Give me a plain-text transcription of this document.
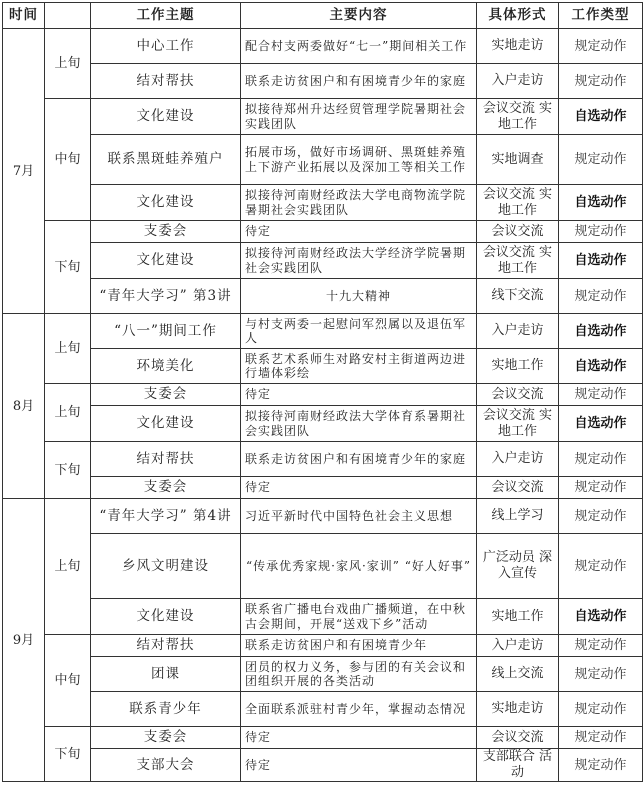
时间		工作主题	主要内容	具体形式	工作类型
7月	上旬	中心工作	配合村支两委做好“七一”期间相关工作	实地走访	规定动作
		结对帮扶	联系走访贫困户和有困境青少年的家庭	入户走访	规定动作
	中旬	文化建设	拟接待郑州升达经贸管理学院暑期社会实践团队	会议交流 实地工作	自选动作
		联系黑斑蛙养殖户	拓展市场，做好市场调研、黑斑蛙养殖上下游产业拓展以及深加工等相关工作	实地调查	规定动作
		文化建设	拟接待河南财经政法大学电商物流学院暑期社会实践团队	会议交流 实地工作	自选动作
	下旬	支委会	待定	会议交流	规定动作
		文化建设	拟接待河南财经政法大学经济学院暑期社会实践团队	会议交流 实地工作	自选动作
		“青年大学习” 第3讲	十九大精神	线下交流	规定动作
8月	上旬	“八一”期间工作	与村支两委一起慰问军烈属以及退伍军人	入户走访	自选动作
		环境美化	联系艺术系师生对路安村主街道两边进行墙体彩绘	实地工作	自选动作
	上旬	支委会	待定	会议交流	规定动作
		文化建设	拟接待河南财经政法大学体育系暑期社会实践团队	会议交流 实地工作	自选动作
	下旬	结对帮扶	联系走访贫困户和有困境青少年的家庭	入户走访	规定动作
		支委会	待定	会议交流	规定动作
9月	上旬	“青年大学习” 第4讲	习近平新时代中国特色社会主义思想	线上学习	规定动作
		乡风文明建设	“传承优秀家规·家风·家训” “好人好事”	广泛动员 深入宣传	规定动作
		文化建设	联系省广播电台戏曲广播频道，在中秋古会期间，开展“送戏下乡”活动	实地工作	自选动作
	中旬	结对帮扶	联系走访贫困户和有困境青少年	入户走访	规定动作
		团课	团员的权力义务，参与团的有关会议和团组织开展的各类活动	线上交流	规定动作
		联系青少年	全面联系派驻村青少年，掌握动态情况	实地走访	规定动作
	下旬	支委会	待定	会议交流	规定动作
		支部大会	待定	支部联合 活动	规定动作
